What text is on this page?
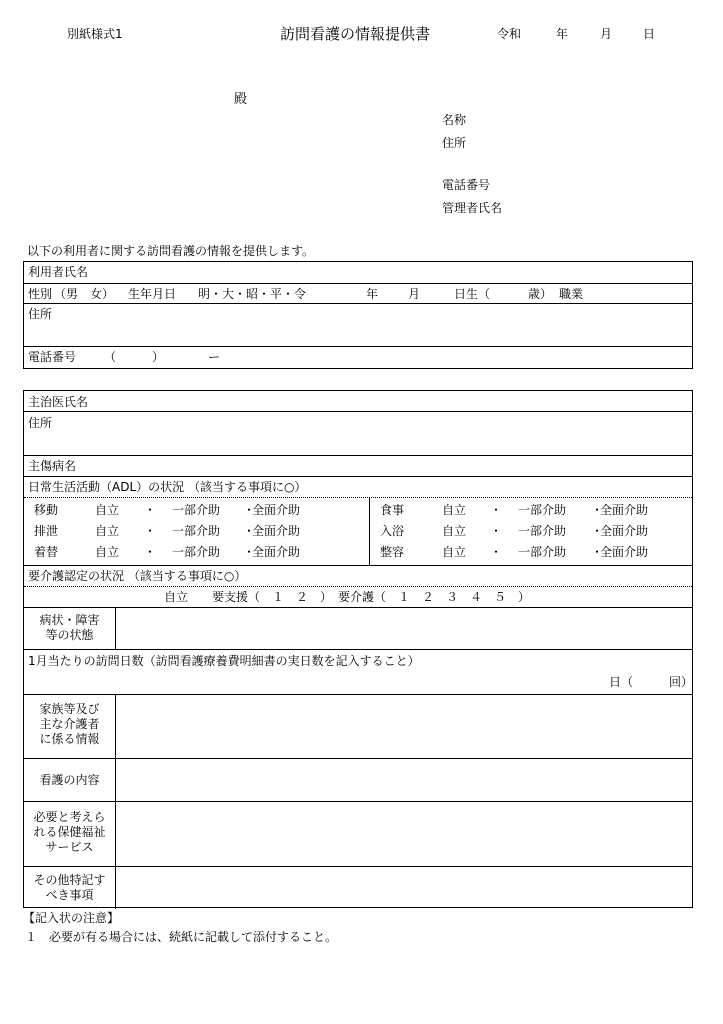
別紙様式1	訪問看護の情報提供書	令和	年	月	日
殿
名称
住所
電話番号
管理者氏名
以下の利用者に関する訪問看護の情報を提供します。
利用者氏名
性別 （男　女） 生年月日 明・大・昭・平・令	年 月	日生（	歳） 職業
住所
電話番号 （　　　）	ー
主治医氏名
住所
主傷病名
日常生活活動（ADL）の状況 （該当する事項に○）
移動	自立 ・ 一部介助 ･全面介助
排泄	自立 ・ 一部介助 ･全面介助
着替	自立 ・ 一部介助 ･全面介助
食事	自立 ・ 一部介助 ･全面介助
入浴	自立 ・ 一部介助 ･全面介助
整容	自立 ・ 一部介助 ･全面介助
要介護認定の状況 （該当する事項に○）
自立　　要支援（　１　２　）　要介護（　１　２　３　４　５　）
病状・障害
等の状態
1月当たりの訪問日数（訪問看護療養費明細書の実日数を記入すること）
日（　　　回）
家族等及び
主な介護者
に係る情報
看護の内容
必要と考えら
れる保健福祉
サービス
その他特記す
べき事項
【記入状の注意】
１　必要が有る場合には、続紙に記載して添付すること。
